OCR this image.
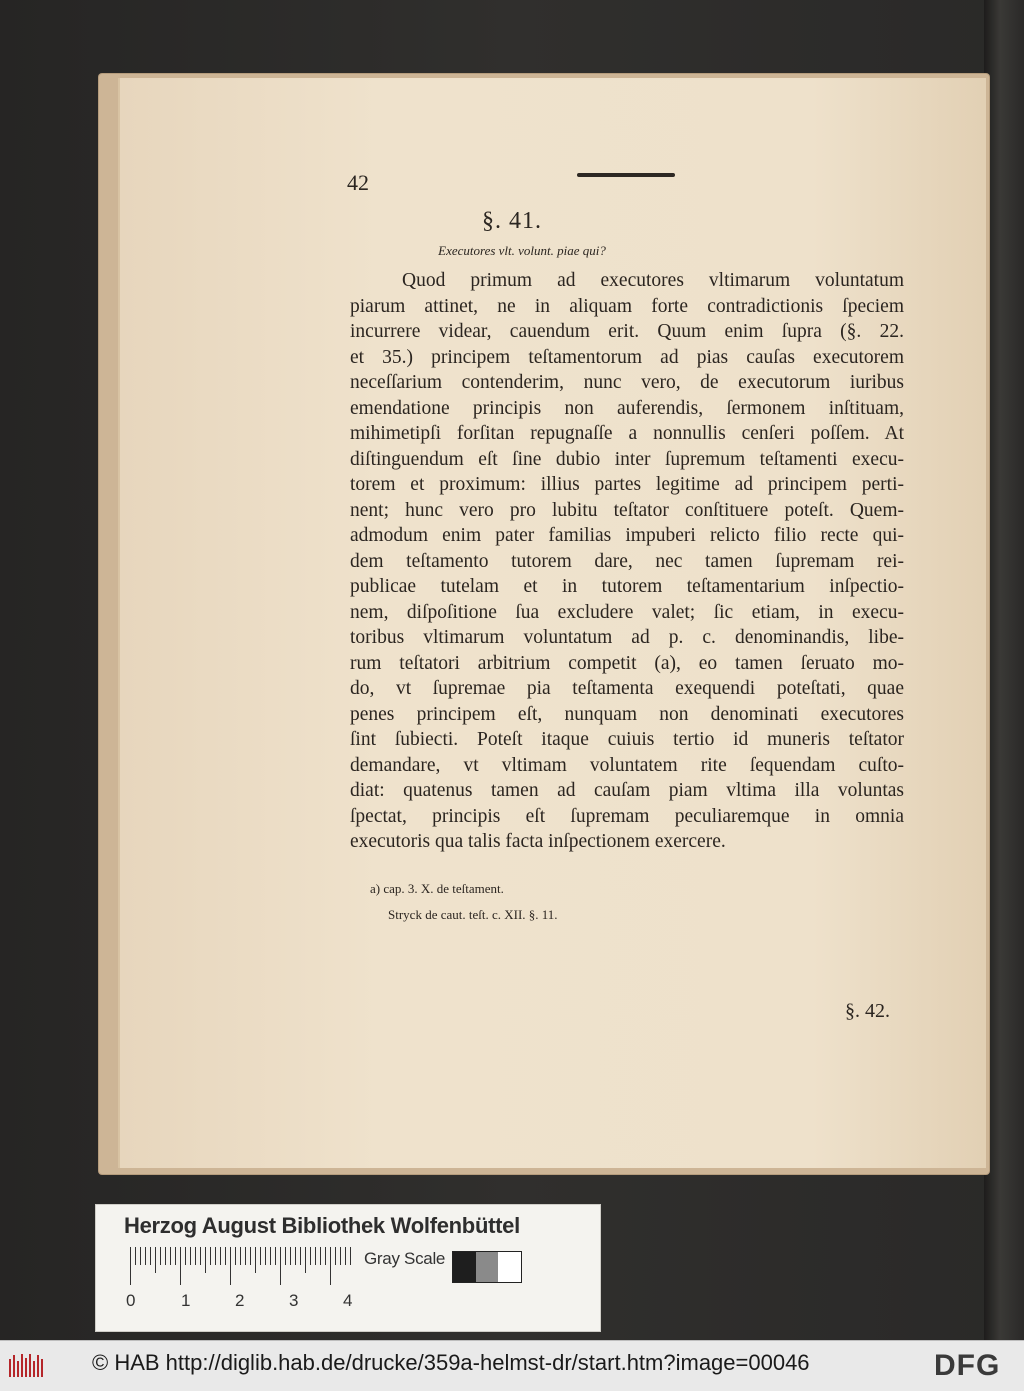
42
§. 41.
Executores vlt. volunt. piae qui?
Quod primum ad executores vltimarum voluntatum
piarum attinet, ne in aliquam forte contradictionis ſpeciem
incurrere videar, cauendum erit. Quum enim ſupra (§. 22.
et 35.) principem teſtamentorum ad pias cauſas executorem
neceſſarium contenderim, nunc vero, de executorum iuribus
emendatione principis non auferendis, ſermonem inſtituam,
mihimetipſi forſitan repugnaſſe a nonnullis cenſeri poſſem. At
diſtinguendum eſt ſine dubio inter ſupremum teſtamenti execu-
torem et proximum: illius partes legitime ad principem perti-
nent; hunc vero pro lubitu teſtator conſtituere poteſt. Quem-
admodum enim pater familias impuberi relicto filio recte qui-
dem teſtamento tutorem dare, nec tamen ſupremam rei-
publicae tutelam et in tutorem teſtamentarium inſpectio-
nem, diſpoſitione ſua excludere valet; ſic etiam, in execu-
toribus vltimarum voluntatum ad p. c. denominandis, libe-
rum teſtatori arbitrium competit (a), eo tamen ſeruato mo-
do, vt ſupremae pia teſtamenta exequendi poteſtati, quae
penes principem eſt, nunquam non denominati executores
ſint ſubiecti. Poteſt itaque cuiuis tertio id muneris teſtator
demandare, vt vltimam voluntatem rite ſequendam cuſto-
diat: quatenus tamen ad cauſam piam vltima illa voluntas
ſpectat, principis eſt ſupremam peculiaremque in omnia
executoris qua talis facta inſpectionem exercere.
a) cap. 3. X. de teſtament.
Stryck de caut. teſt. c. XII. §. 11.
§. 42.
Herzog August Bibliothek Wolfenbüttel
0	1	2	3	4
Gray Scale
© HAB http://diglib.hab.de/drucke/359a-helmst-dr/start.htm?image=00046	DFG
